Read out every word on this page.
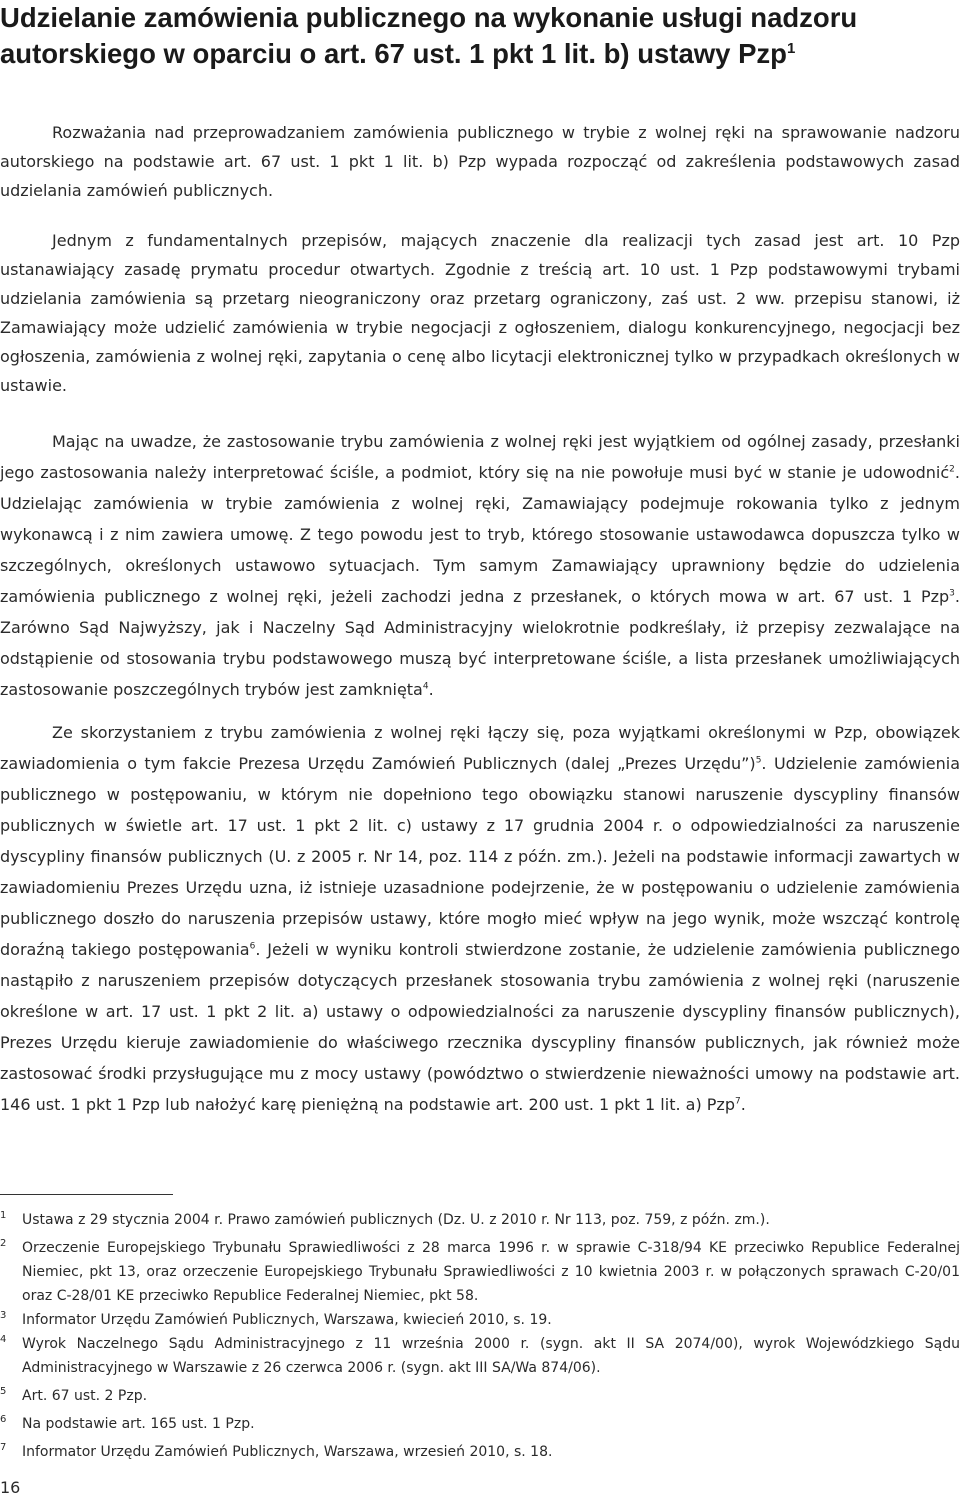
Udzielanie zamówienia publicznego na wykonanie usługi nadzoru autorskiego w oparciu o art. 67 ust. 1 pkt 1 lit. b) ustawy Pzp$^1$

Rozważania nad przeprowadzaniem zamówienia publicznego w trybie z wolnej ręki na sprawowanie nadzoru autorskiego na podstawie art. 67 ust. 1 pkt 1 lit. b) Pzp wypada rozpocząć od zakreślenia podstawowych zasad udzielania zamówień publicznych.

Jednym z fundamentalnych przepisów, mających znaczenie dla realizacji tych zasad jest art. 10 Pzp ustanawiający zasadę prymatu procedur otwartych. Zgodnie z treścią art. 10 ust. 1 Pzp podstawowymi trybami udzielania zamówienia są przetarg nieograniczony oraz przetarg ograniczony, zaś ust. 2 ww. przepisu stanowi, iż Zamawiający może udzielić zamówienia w trybie negocjacji z ogłoszeniem, dialogu konkurencyjnego, negocjacji bez ogłoszenia, zamówienia z wolnej ręki, zapytania o cenę albo licytacji elektronicznej tylko w przypadkach określonych w ustawie.

Mając na uwadze, że zastosowanie trybu zamówienia z wolnej ręki jest wyjątkiem od ogólnej zasady, przesłanki jego zastosowania należy interpretować ściśle, a podmiot, który się na nie powołuje musi być w stanie je udowodnić$^2$. Udzielając zamówienia w trybie zamówienia z wolnej ręki, Zamawiający podejmuje rokowania tylko z jednym wykonawcą i z nim zawiera umowę. Z tego powodu jest to tryb, którego stosowanie ustawodawca dopuszcza tylko w szczególnych, określonych ustawowo sytuacjach. Tym samym Zamawiający uprawniony będzie do udzielenia zamówienia publicznego z wolnej ręki, jeżeli zachodzi jedna z przesłanek, o których mowa w art. 67 ust. 1 Pzp$^3$. Zarówno Sąd Najwyższy, jak i Naczelny Sąd Administracyjny wielokrotnie podkreślały, iż przepisy zezwalające na odstąpienie od stosowania trybu podstawowego muszą być interpretowane ściśle, a lista przesłanek umożliwiających zastosowanie poszczególnych trybów jest zamknięta$^4$.

Ze skorzystaniem z trybu zamówienia z wolnej ręki łączy się, poza wyjątkami określonymi w Pzp, obowiązek zawiadomienia o tym fakcie Prezesa Urzędu Zamówień Publicznych (dalej „Prezes Urzędu”)$^5$. Udzielenie zamówienia publicznego w postępowaniu, w którym nie dopełniono tego obowiązku stanowi naruszenie dyscypliny finansów publicznych w świetle art. 17 ust. 1 pkt 2 lit. c) ustawy z 17 grudnia 2004 r. o odpowiedzialności za naruszenie dyscypliny finansów publicznych (U. z 2005 r. Nr 14, poz. 114 z późn. zm.). Jeżeli na podstawie informacji zawartych w zawiadomieniu Prezes Urzędu uzna, iż istnieje uzasadnione podejrzenie, że w postępowaniu o udzielenie zamówienia publicznego doszło do naruszenia przepisów ustawy, które mogło mieć wpływ na jego wynik, może wszcząć kontrolę doraźną takiego postępowania$^6$. Jeżeli w wyniku kontroli stwierdzone zostanie, że udzielenie zamówienia publicznego nastąpiło z naruszeniem przepisów dotyczących przesłanek stosowania trybu zamówienia z wolnej ręki (naruszenie określone w art. 17 ust. 1 pkt 2 lit. a) ustawy o odpowiedzialności za naruszenie dyscypliny finansów publicznych), Prezes Urzędu kieruje zawiadomienie do właściwego rzecznika dyscypliny finansów publicznych, jak również może zastosować środki przysługujące mu z mocy ustawy (powództwo o stwierdzenie nieważności umowy na podstawie art. 146 ust. 1 pkt 1 Pzp lub nałożyć karę pieniężną na podstawie art. 200 ust. 1 pkt 1 lit. a) Pzp$^7$.

1 Ustawa z 29 stycznia 2004 r. Prawo zamówień publicznych (Dz. U. z 2010 r. Nr 113, poz. 759, z późn. zm.).
2 Orzeczenie Europejskiego Trybunału Sprawiedliwości z 28 marca 1996 r. w sprawie C-318/94 KE przeciwko Republice Federalnej Niemiec, pkt 13, oraz orzeczenie Europejskiego Trybunału Sprawiedliwości z 10 kwietnia 2003 r. w połączonych sprawach C-20/01 oraz C-28/01 KE przeciwko Republice Federalnej Niemiec, pkt 58.
3 Informator Urzędu Zamówień Publicznych, Warszawa, kwiecień 2010, s. 19.
4 Wyrok Naczelnego Sądu Administracyjnego z 11 września 2000 r. (sygn. akt II SA 2074/00), wyrok Wojewódzkiego Sądu Administracyjnego w Warszawie z 26 czerwca 2006 r. (sygn. akt III SA/Wa 874/06).
5 Art. 67 ust. 2 Pzp.
6 Na podstawie art. 165 ust. 1 Pzp.
7 Informator Urzędu Zamówień Publicznych, Warszawa, wrzesień 2010, s. 18.
16
